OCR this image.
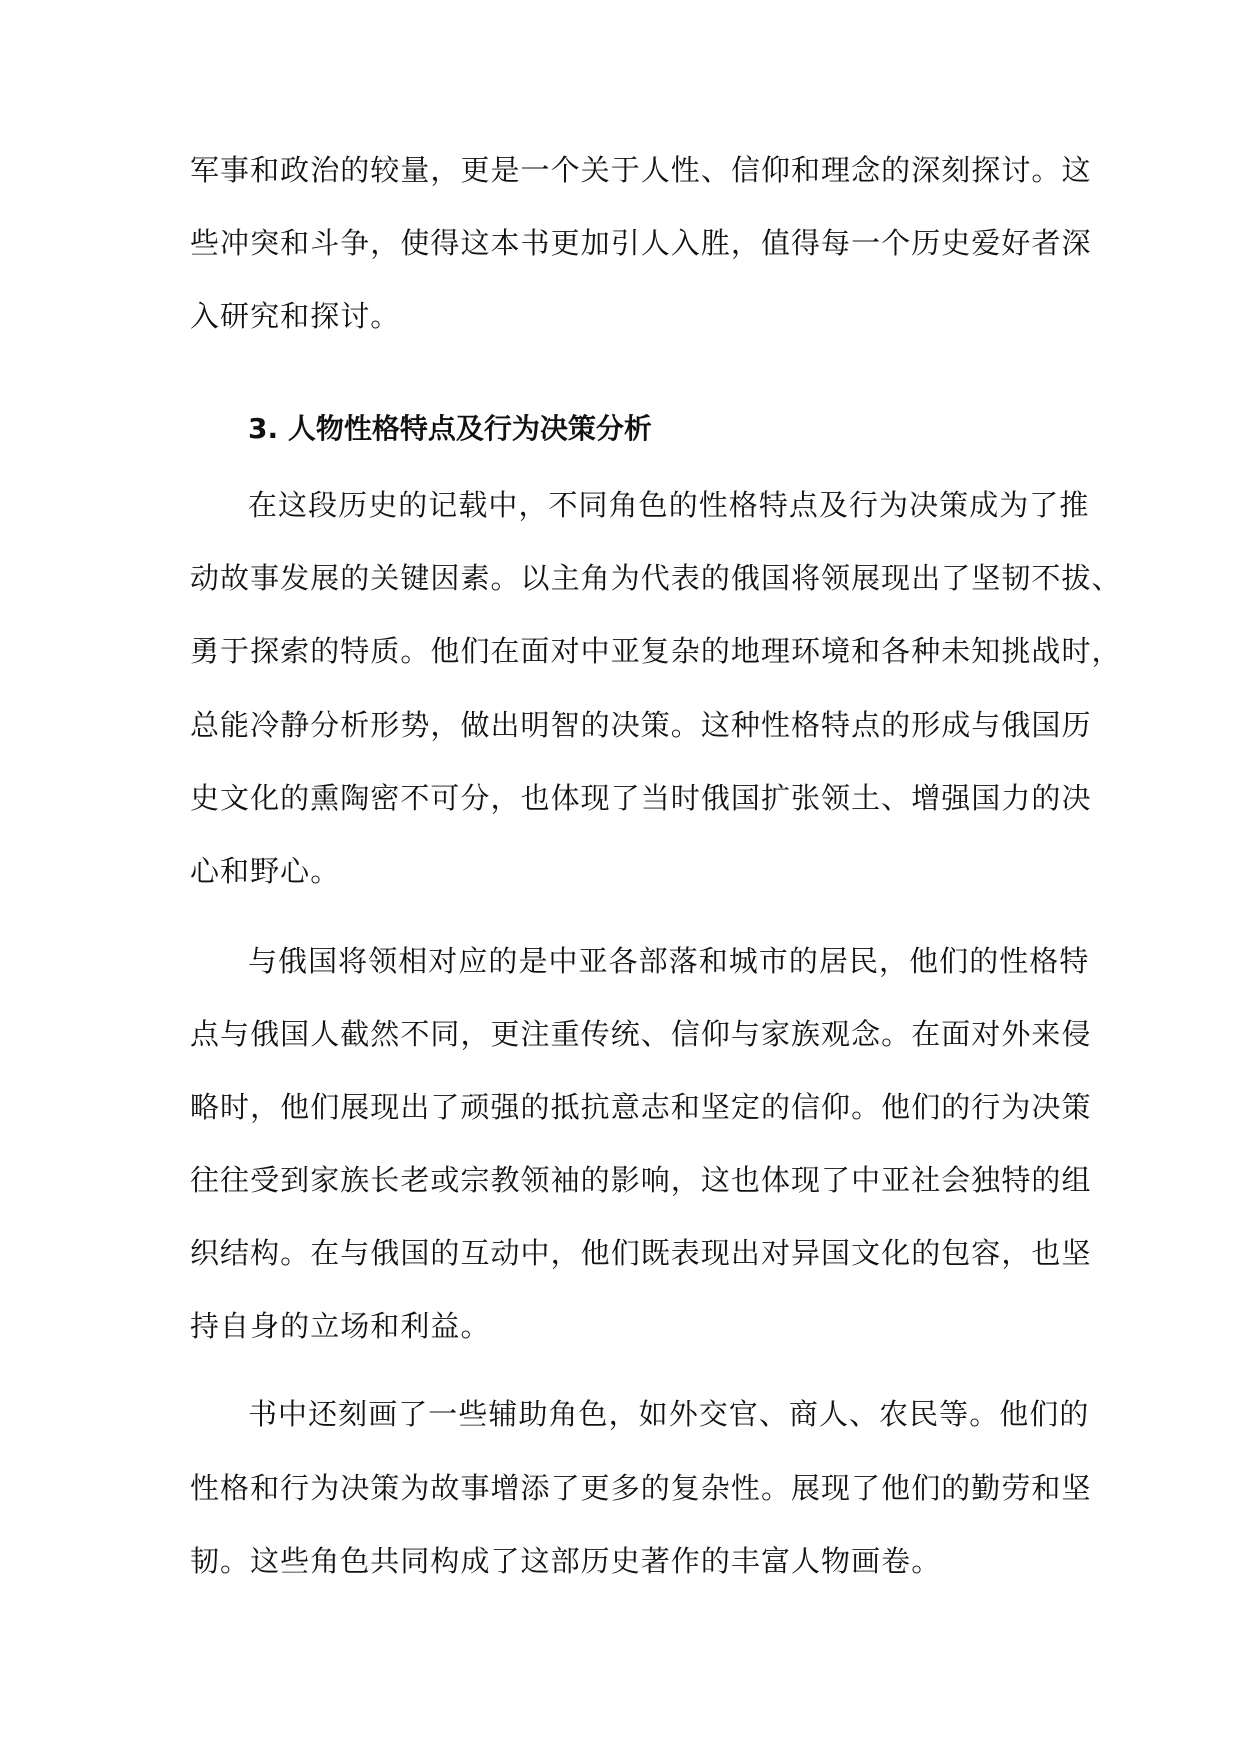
军事和政治的较量，更是一个关于人性、信仰和理念的深刻探讨。这

些冲突和斗争，使得这本书更加引人入胜，值得每一个历史爱好者深

入研究和探讨。

3. 人物性格特点及行为决策分析

在这段历史的记载中，不同角色的性格特点及行为决策成为了推

动故事发展的关键因素。以主角为代表的俄国将领展现出了坚韧不拔、

勇于探索的特质。他们在面对中亚复杂的地理环境和各种未知挑战时，

总能冷静分析形势，做出明智的决策。这种性格特点的形成与俄国历

史文化的熏陶密不可分，也体现了当时俄国扩张领土、增强国力的决

心和野心。

与俄国将领相对应的是中亚各部落和城市的居民，他们的性格特

点与俄国人截然不同，更注重传统、信仰与家族观念。在面对外来侵

略时，他们展现出了顽强的抵抗意志和坚定的信仰。他们的行为决策

往往受到家族长老或宗教领袖的影响，这也体现了中亚社会独特的组

织结构。在与俄国的互动中，他们既表现出对异国文化的包容，也坚

持自身的立场和利益。

书中还刻画了一些辅助角色，如外交官、商人、农民等。他们的

性格和行为决策为故事增添了更多的复杂性。展现了他们的勤劳和坚

韧。这些角色共同构成了这部历史著作的丰富人物画卷。
